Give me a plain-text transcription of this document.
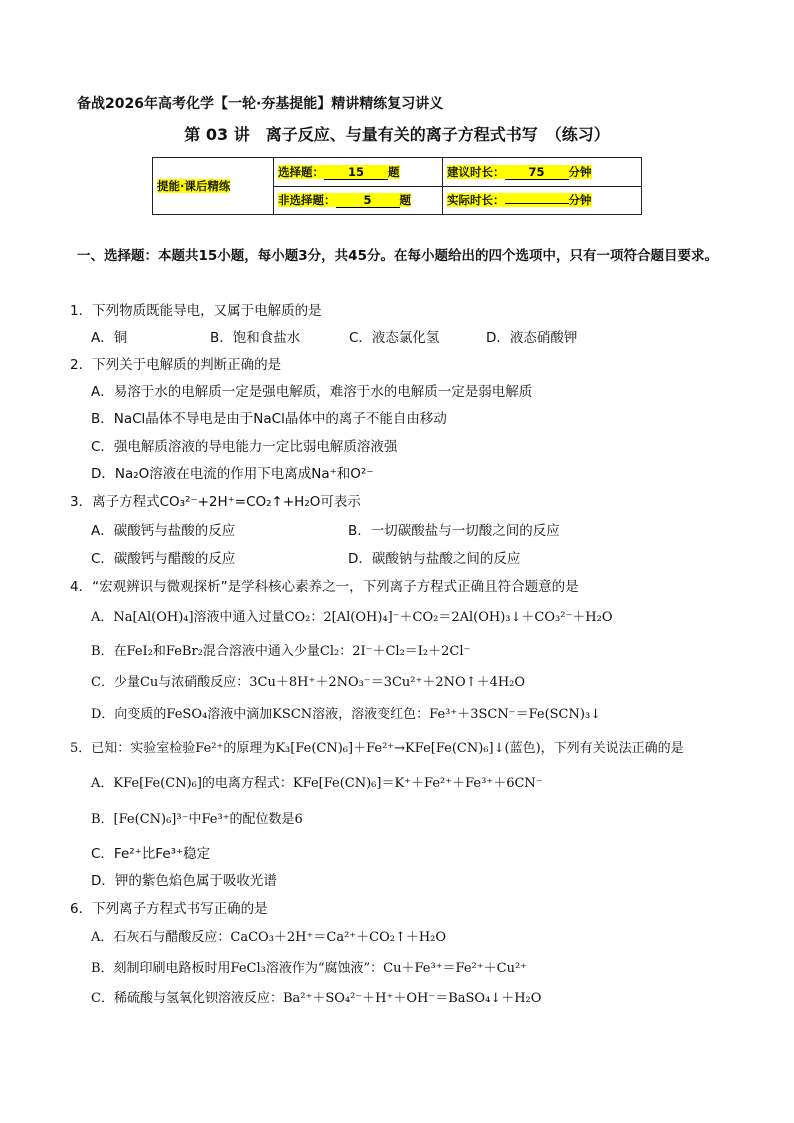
备战2026年高考化学【一轮·夯基提能】精讲精练复习讲义
第 03 讲　离子反应、与量有关的离子方程式书写　（练习）
提能·课后精练	选择题： 15 题	建议时长： 75 分钟
	非选择题： 5 题	实际时长： 分钟
一、选择题：本题共15小题，每小题3分，共45分。在每小题给出的四个选项中，只有一项符合题目要求。
1．下列物质既能导电，又属于电解质的是
A．铜	B．饱和食盐水	C．液态氯化氢	D．液态硝酸钾
2．下列关于电解质的判断正确的是
A．易溶于水的电解质一定是强电解质，难溶于水的电解质一定是弱电解质
B．NaCl晶体不导电是由于NaCl晶体中的离子不能自由移动
C．强电解质溶液的导电能力一定比弱电解质溶液强
D．Na₂O溶液在电流的作用下电离成Na⁺和O²⁻
3．离子方程式CO₃²⁻+2H⁺=CO₂↑+H₂O可表示
A．碳酸钙与盐酸的反应	B．一切碳酸盐与一切酸之间的反应
C．碳酸钙与醋酸的反应	D．碳酸钠与盐酸之间的反应
4．“宏观辨识与微观探析”是学科核心素养之一，下列离子方程式正确且符合题意的是
A．Na[Al(OH)₄]溶液中通入过量CO₂：2[Al(OH)₄]⁻＋CO₂＝2Al(OH)₃↓＋CO₃²⁻＋H₂O
B．在FeI₂和FeBr₂混合溶液中通入少量Cl₂：2I⁻＋Cl₂＝I₂＋2Cl⁻
C．少量Cu与浓硝酸反应：3Cu＋8H⁺＋2NO₃⁻＝3Cu²⁺＋2NO↑＋4H₂O
D．向变质的FeSO₄溶液中滴加KSCN溶液，溶液变红色：Fe³⁺＋3SCN⁻＝Fe(SCN)₃↓
5．已知：实验室检验Fe²⁺的原理为K₃[Fe(CN)₆]＋Fe²⁺→KFe[Fe(CN)₆]↓(蓝色)，下列有关说法正确的是
A．KFe[Fe(CN)₆]的电离方程式：KFe[Fe(CN)₆]＝K⁺＋Fe²⁺＋Fe³⁺＋6CN⁻
B．[Fe(CN)₆]³⁻中Fe³⁺的配位数是6
C．Fe²⁺比Fe³⁺稳定
D．钾的紫色焰色属于吸收光谱
6．下列离子方程式书写正确的是
A．石灰石与醋酸反应：CaCO₃＋2H⁺＝Ca²⁺＋CO₂↑＋H₂O
B．刻制印刷电路板时用FeCl₃溶液作为“腐蚀液”：Cu＋Fe³⁺＝Fe²⁺＋Cu²⁺
C．稀硫酸与氢氧化钡溶液反应：Ba²⁺＋SO₄²⁻＋H⁺＋OH⁻＝BaSO₄↓＋H₂O
